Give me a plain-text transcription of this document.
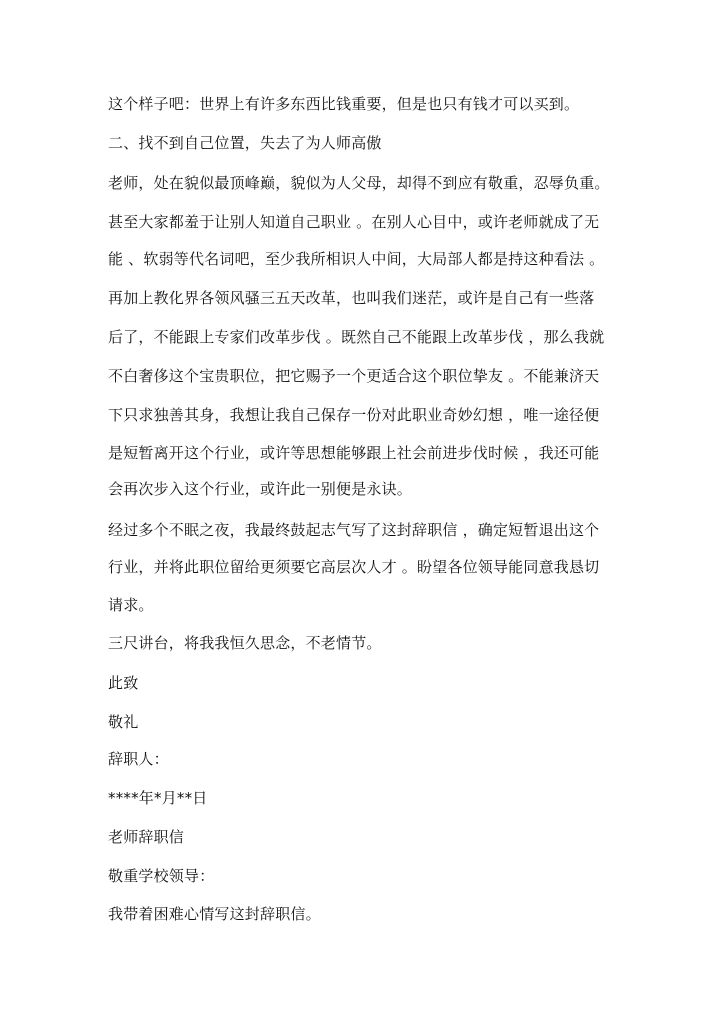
这个样子吧：世界上有许多东西比钱重要，但是也只有钱才可以买到。
二、找不到自己位置，失去了为人师高傲
老师，处在貌似最顶峰巅，貌似为人父母，却得不到应有敬重，忍辱负重。
甚至大家都羞于让别人知道自己职业 。在别人心目中，或许老师就成了无
能 、软弱等代名词吧，至少我所相识人中间，大局部人都是持这种看法 。
再加上教化界各领风骚三五天改革，也叫我们迷茫，或许是自己有一些落
后了，不能跟上专家们改革步伐 。既然自己不能跟上改革步伐 ，那么我就
不白奢侈这个宝贵职位，把它赐予一个更适合这个职位挚友 。不能兼济天
下只求独善其身，我想让我自己保存一份对此职业奇妙幻想 ，唯一途径便
是短暂离开这个行业，或许等思想能够跟上社会前进步伐时候 ，我还可能
会再次步入这个行业，或许此一别便是永诀。
经过多个不眠之夜，我最终鼓起志气写了这封辞职信 ，确定短暂退出这个
行业，并将此职位留给更须要它高层次人才 。盼望各位领导能同意我恳切
请求。
三尺讲台，将我我恒久思念，不老情节。
此致
敬礼
辞职人：
****年*月**日
老师辞职信
敬重学校领导：
我带着困难心情写这封辞职信。
